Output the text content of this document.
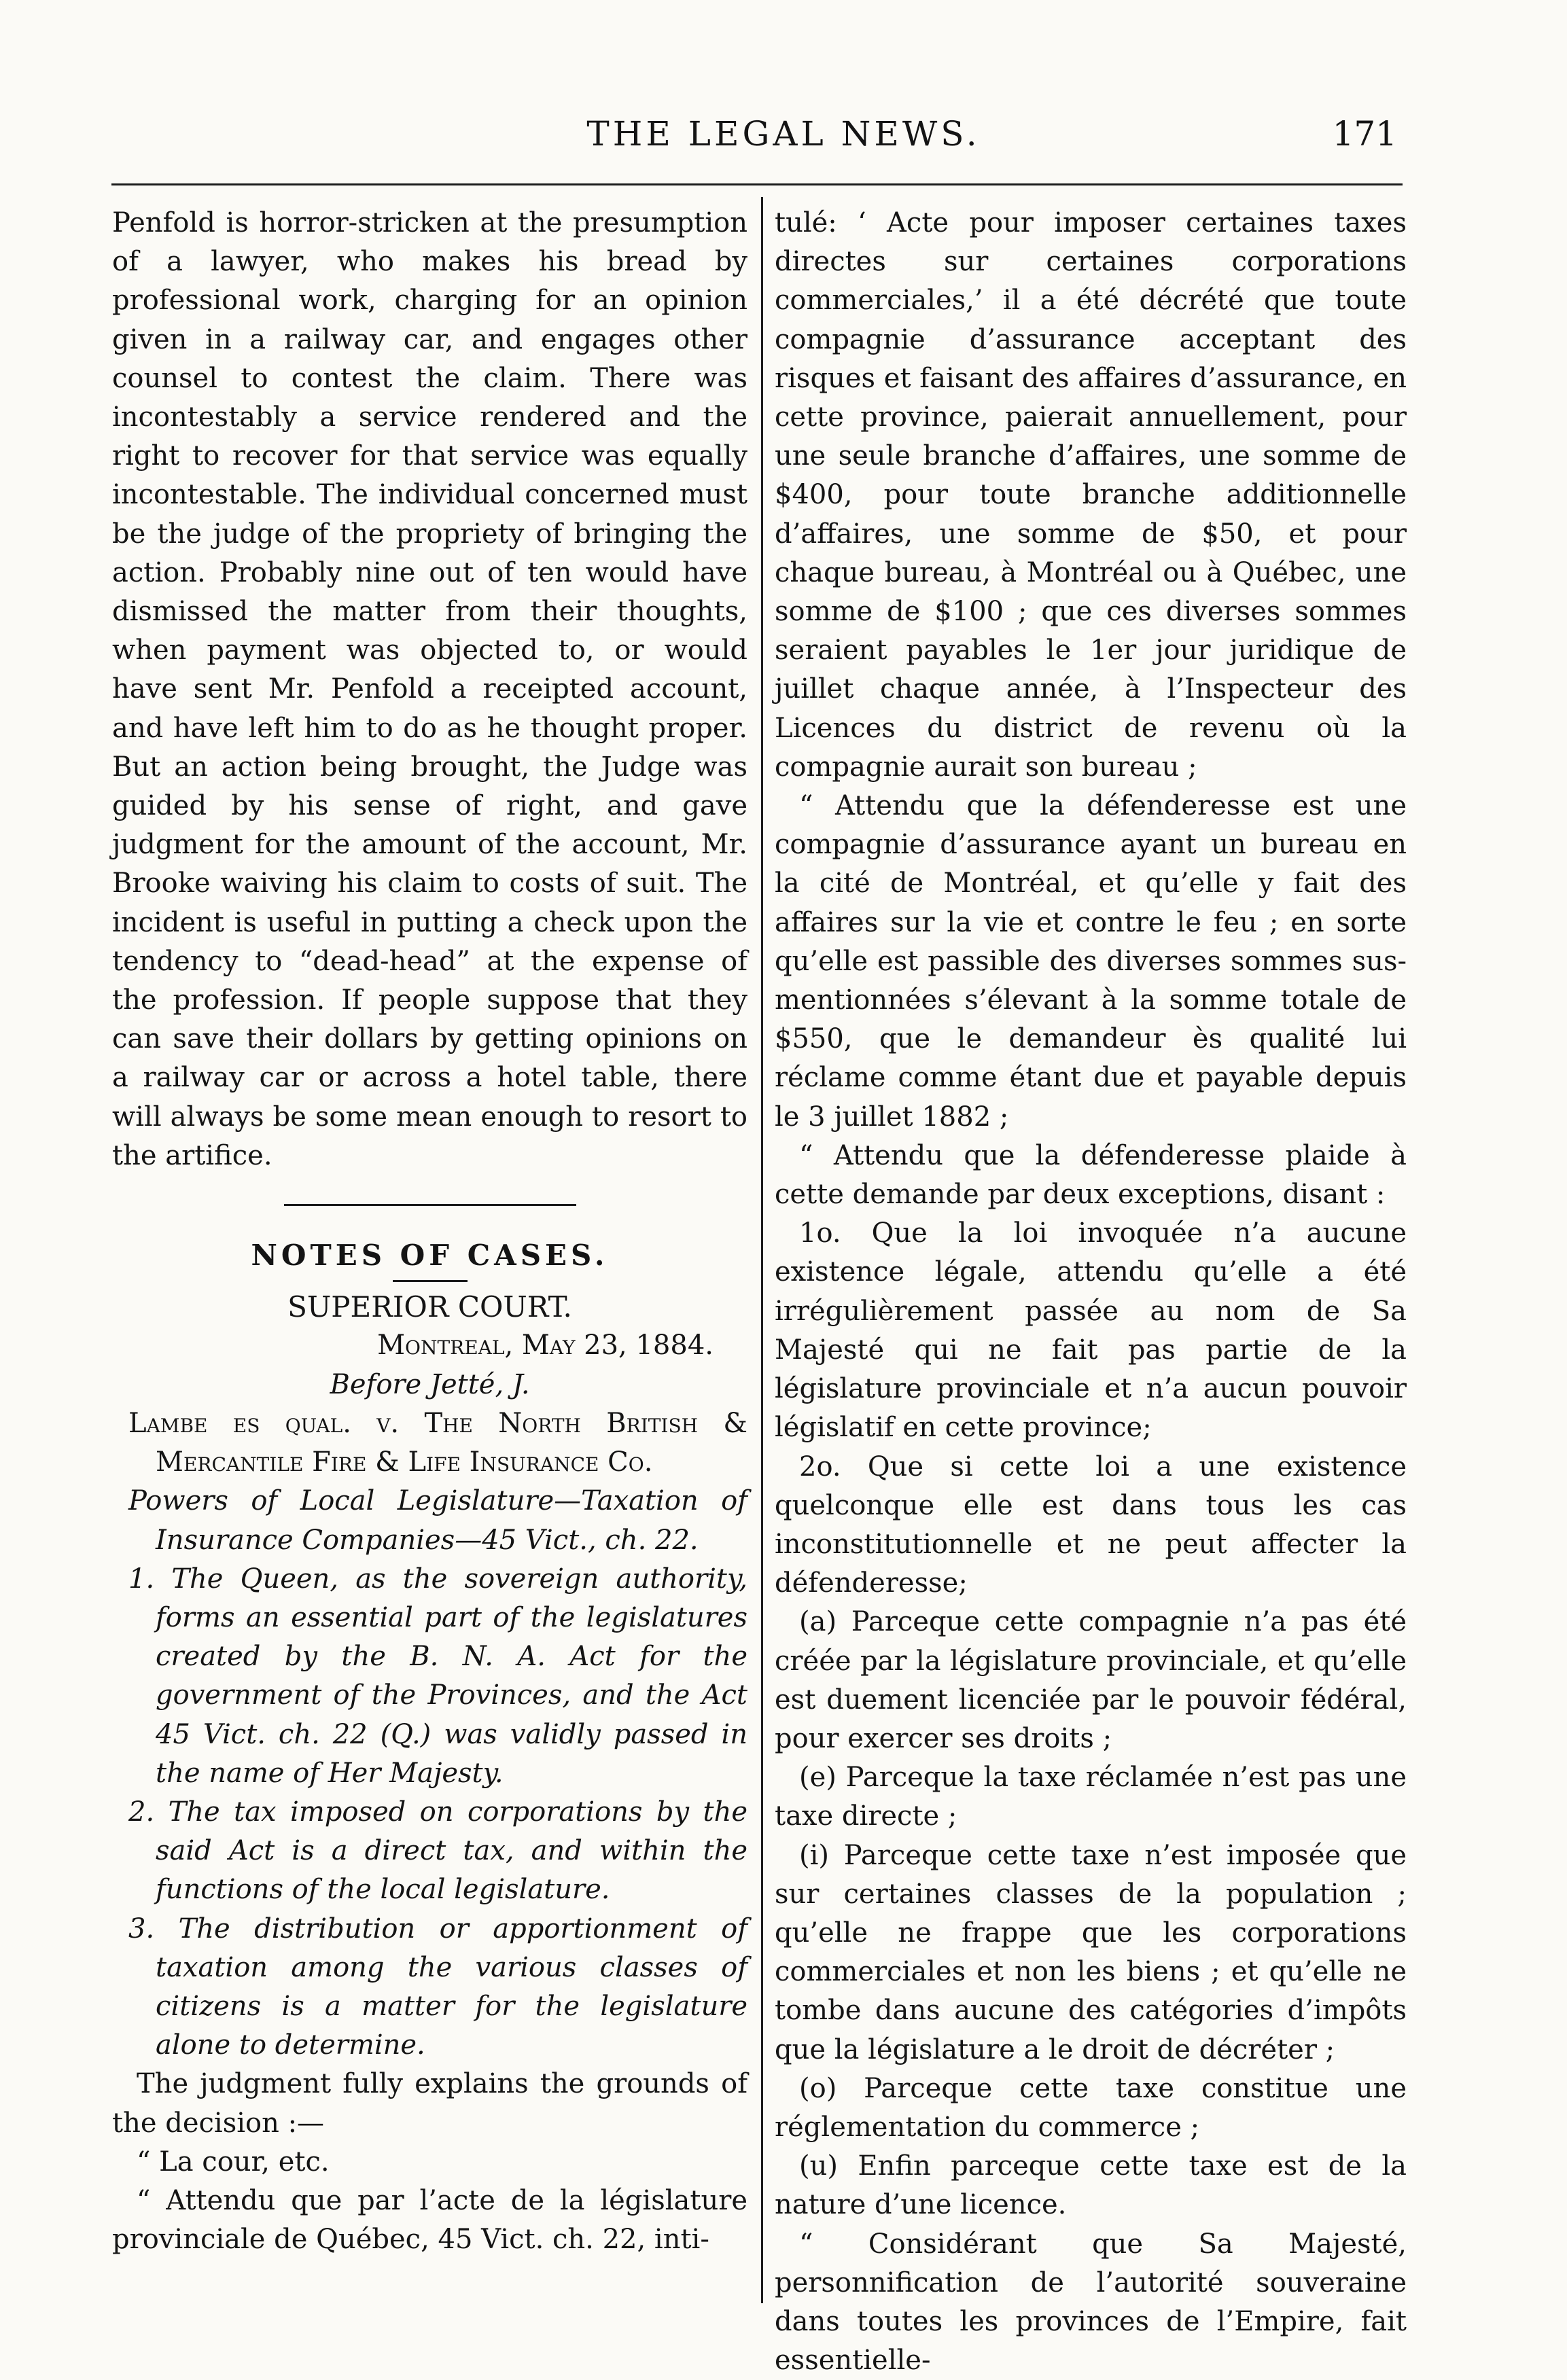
THE LEGAL NEWS.	171

Penfold is horror-stricken at the presumption of a lawyer, who makes his bread by professional work, charging for an opinion given in a railway car, and engages other counsel to contest the claim. There was incontestably a service rendered and the right to recover for that service was equally incontestable. The individual concerned must be the judge of the propriety of bringing the action. Probably nine out of ten would have dismissed the matter from their thoughts, when payment was objected to, or would have sent Mr. Penfold a receipted account, and have left him to do as he thought proper. But an action being brought, the Judge was guided by his sense of right, and gave judgment for the amount of the account, Mr. Brooke waiving his claim to costs of suit. The incident is useful in putting a check upon the tendency to “dead-head” at the expense of the profession. If people suppose that they can save their dollars by getting opinions on a railway car or across a hotel table, there will always be some mean enough to resort to the artifice.

NOTES OF CASES.

SUPERIOR COURT.

Montreal, May 23, 1884.

Before Jetté, J.

Lambe es qual. v. The North British & Mercantile Fire & Life Insurance Co.

Powers of Local Legislature—Taxation of Insurance Companies—45 Vict., ch. 22.

1. The Queen, as the sovereign authority, forms an essential part of the legislatures created by the B. N. A. Act for the government of the Provinces, and the Act 45 Vict. ch. 22 (Q.) was validly passed in the name of Her Majesty.

2. The tax imposed on corporations by the said Act is a direct tax, and within the functions of the local legislature.

3. The distribution or apportionment of taxation among the various classes of citizens is a matter for the legislature alone to determine.

The judgment fully explains the grounds of the decision :—

“ La cour, etc.

“ Attendu que par l’acte de la législature provinciale de Québec, 45 Vict. ch. 22, inti-

tulé: ‘ Acte pour imposer certaines taxes directes sur certaines corporations commerciales,’ il a été décrété que toute compagnie d’assurance acceptant des risques et faisant des affaires d’assurance, en cette province, paierait annuellement, pour une seule branche d’affaires, une somme de $400, pour toute branche additionnelle d’affaires, une somme de $50, et pour chaque bureau, à Montréal ou à Québec, une somme de $100 ; que ces diverses sommes seraient payables le 1er jour juridique de juillet chaque année, à l’Inspecteur des Licences du district de revenu où la compagnie aurait son bureau ;

“ Attendu que la défenderesse est une compagnie d’assurance ayant un bureau en la cité de Montréal, et qu’elle y fait des affaires sur la vie et contre le feu ; en sorte qu’elle est passible des diverses sommes sus-mentionnées s’élevant à la somme totale de $550, que le demandeur ès qualité lui réclame comme étant due et payable depuis le 3 juillet 1882 ;

“ Attendu que la défenderesse plaide à cette demande par deux exceptions, disant :

1o. Que la loi invoquée n’a aucune existence légale, attendu qu’elle a été irrégulièrement passée au nom de Sa Majesté qui ne fait pas partie de la législature provinciale et n’a aucun pouvoir législatif en cette province;

2o. Que si cette loi a une existence quelconque elle est dans tous les cas inconstitutionnelle et ne peut affecter la défenderesse;

(a) Parceque cette compagnie n’a pas été créée par la législature provinciale, et qu’elle est duement licenciée par le pouvoir fédéral, pour exercer ses droits ;

(e) Parceque la taxe réclamée n’est pas une taxe directe ;

(i) Parceque cette taxe n’est imposée que sur certaines classes de la population ; qu’elle ne frappe que les corporations commerciales et non les biens ; et qu’elle ne tombe dans aucune des catégories d’impôts que la législature a le droit de décréter ;

(o) Parceque cette taxe constitue une réglementation du commerce ;

(u) Enfin parceque cette taxe est de la nature d’une licence.

“ Considérant que Sa Majesté, personnification de l’autorité souveraine dans toutes les provinces de l’Empire, fait essentielle-
